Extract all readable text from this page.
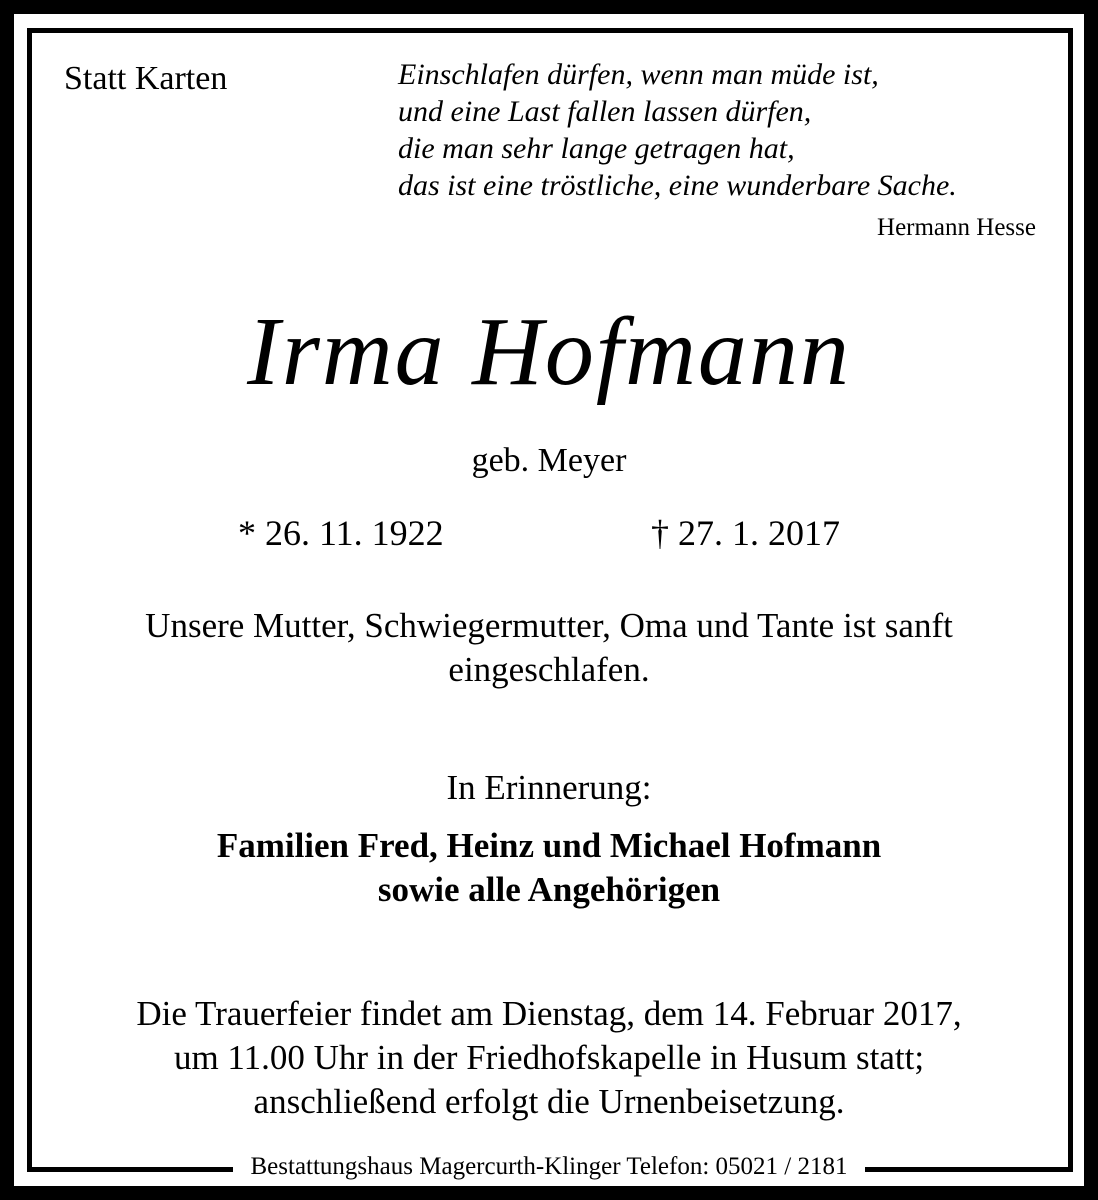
Statt Karten	Einschlafen dürfen, wenn man müde ist,
und eine Last fallen lassen dürfen,
die man sehr lange getragen hat,
das ist eine tröstliche, eine wunderbare Sache.
Hermann Hesse
Irma Hofmann
geb. Meyer
* 26. 11. 1922	† 27. 1. 2017
Unsere Mutter, Schwiegermutter, Oma und Tante ist sanft
eingeschlafen.
In Erinnerung:
Familien Fred, Heinz und Michael Hofmann
sowie alle Angehörigen
Die Trauerfeier findet am Dienstag, dem 14. Februar 2017,
um 11.00 Uhr in der Friedhofskapelle in Husum statt;
anschließend erfolgt die Urnenbeisetzung.
Bestattungshaus Magercurth-Klinger Telefon: 05021 / 2181
